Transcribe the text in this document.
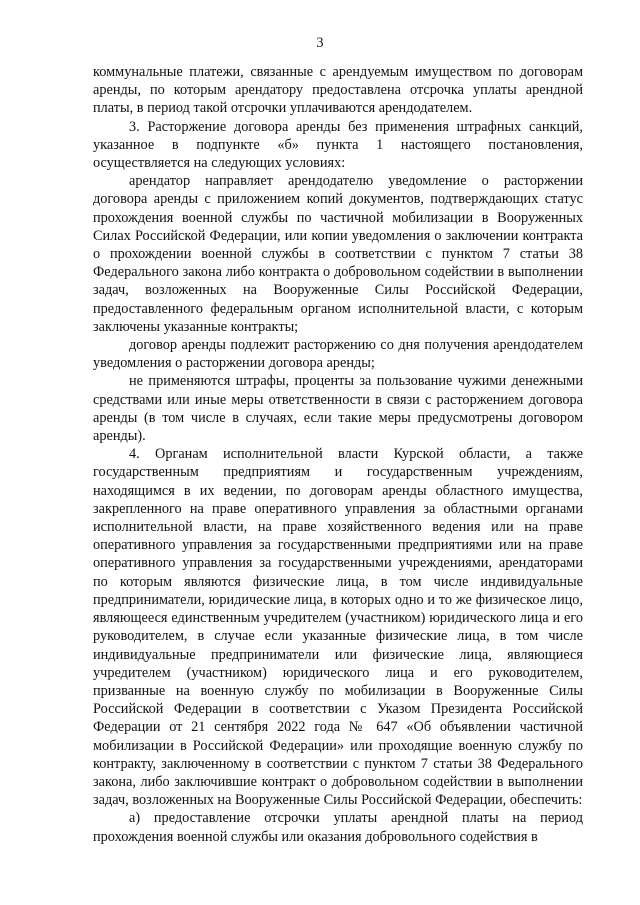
3

коммунальные платежи, связанные с арендуемым имуществом по договорам аренды, по которым арендатору предоставлена отсрочка уплаты арендной платы, в период такой отсрочки уплачиваются арендодателем.

3. Расторжение договора аренды без применения штрафных санкций, указанное в подпункте «б» пункта 1 настоящего постановления, осуществляется на следующих условиях:

арендатор направляет арендодателю уведомление о расторжении договора аренды с приложением копий документов, подтверждающих статус прохождения военной службы по частичной мобилизации в Вооруженных Силах Российской Федерации, или копии уведомления о заключении контракта о прохождении военной службы в соответствии с пунктом 7 статьи 38 Федерального закона либо контракта о добровольном содействии в выполнении задач, возложенных на Вооруженные Силы Российской Федерации, предоставленного федеральным органом исполнительной власти, с которым заключены указанные контракты;

договор аренды подлежит расторжению со дня получения арендодателем уведомления о расторжении договора аренды;

не применяются штрафы, проценты за пользование чужими денежными средствами или иные меры ответственности в связи с расторжением договора аренды (в том числе в случаях, если такие меры предусмотрены договором аренды).

4. Органам исполнительной власти Курской области, а также государственным предприятиям и государственным учреждениям, находящимся в их ведении, по договорам аренды областного имущества, закрепленного на праве оперативного управления за областными органами исполнительной власти, на праве хозяйственного ведения или на праве оперативного управления за государственными предприятиями или на праве оперативного управления за государственными учреждениями, арендаторами по которым являются физические лица, в том числе индивидуальные предприниматели, юридические лица, в которых одно и то же физическое лицо, являющееся единственным учредителем (участником) юридического лица и его руководителем, в случае если указанные физические лица, в том числе индивидуальные предприниматели или физические лица, являющиеся учредителем (участником) юридического лица и его руководителем, призванные на военную службу по мобилизации в Вооруженные Силы Российской Федерации в соответствии с Указом Президента Российской Федерации от 21 сентября 2022 года № 647 «Об объявлении частичной мобилизации в Российской Федерации» или проходящие военную службу по контракту, заключенному в соответствии с пунктом 7 статьи 38 Федерального закона, либо заключившие контракт о добровольном содействии в выполнении задач, возложенных на Вооруженные Силы Российской Федерации, обеспечить:

а) предоставление отсрочки уплаты арендной платы на период прохождения военной службы или оказания добровольного содействия в
